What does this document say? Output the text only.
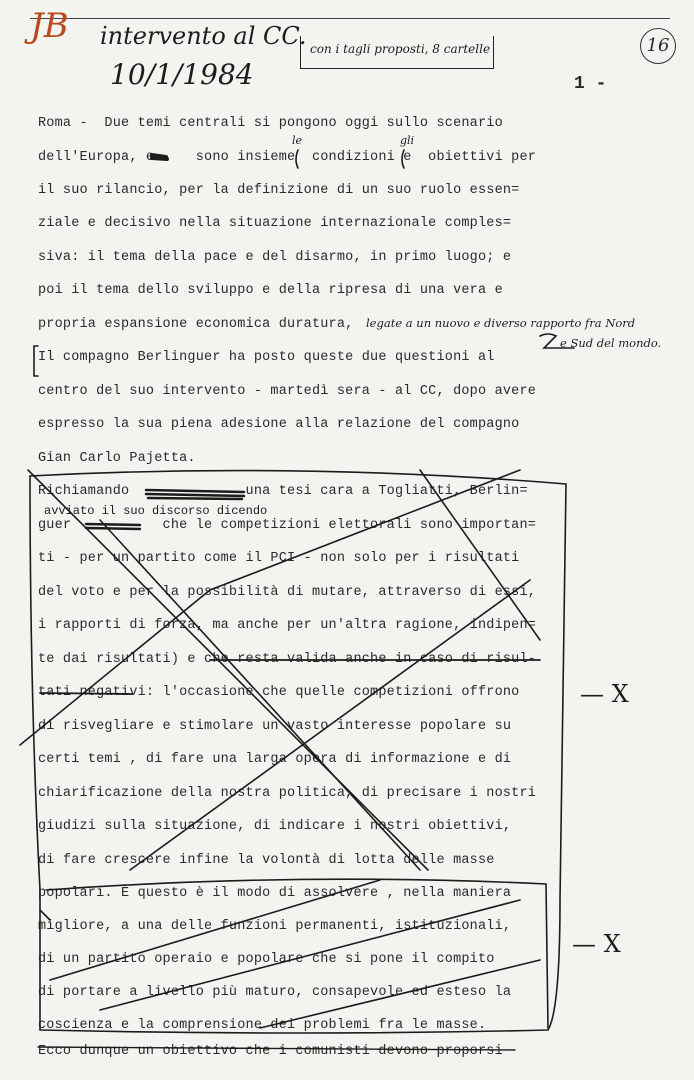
JB intervento al CC.
10/1/1984
con i tagli proposti, 8 cartelle	16
1 -
le	gli
legate a un nuovo e diverso rapporto fra Nord
e Sud del mondo.
Roma -  Due temi centrali si pongono oggi sullo scenario
dell'Europa, e     sono insieme  condizioni e  obiettivi per
il suo rilancio, per la definizione di un suo ruolo essen=
ziale e decisivo nella situazione internazionale comples=
siva: il tema della pace e del disarmo, in primo luogo; e
poi il tema dello sviluppo e della ripresa di una vera e
propria espansione economica duratura,
Il compagno Berlinguer ha posto queste due questioni al
centro del suo intervento - martedì sera - al CC, dopo avere
espresso la sua piena adesione alla relazione del compagno
Gian Carlo Pajetta.
Richiamando              una tesi cara a Togliatti, Berlin=
avviato il suo discorso dicendo
guer           che le competizioni elettorali sono importan=
ti - per un partito come il PCI - non solo per i risultati
del voto e per la possibilità di mutare, attraverso di essi,
i rapporti di forza, ma anche per un'altra ragione, indipen=
te dai risultati) e che resta valida anche in caso di risul-
tati negativi: l'occasione che quelle competizioni offrono
di risvegliare e stimolare un vasto interesse popolare su
certi temi , di fare una larga opera di informazione e di
chiarificazione della nostra politica, di precisare i nostri
giudizi sulla situazione, di indicare i nostri obiettivi,
di fare crescere infine la volontà di lotta delle masse
popolari. È questo è il modo di assolvere , nella maniera
migliore, a una delle funzioni permanenti, istituzionali,
di un partito operaio e popolare che si pone il compito
di portare a livello più maturo, consapevole ed esteso la
coscienza e la comprensione dei problemi fra le masse.
Ecco dunque un obiettivo che i comunisti devono proporsi
— X
— X
